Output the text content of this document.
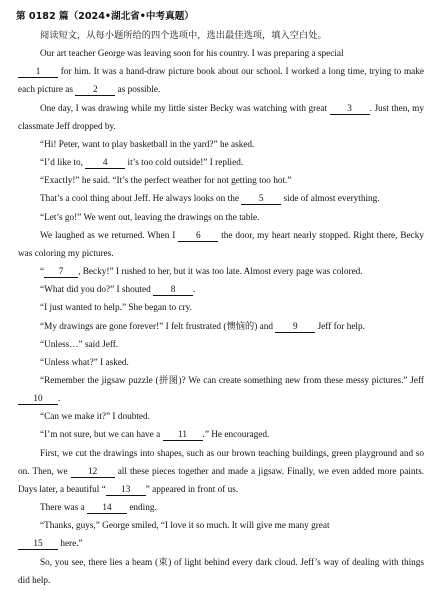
第 0182 篇（2024•湖北省•中考真题）

阅读短文，从每小题所给的四个选项中，选出最佳选项，填入空白处。

Our art teacher George was leaving soon for his country. I was preparing a special
1 for him. It was a hand-draw picture book about our school. I worked a long time, trying to make each picture as 2 as possible.

One day, I was drawing while my little sister Becky was watching with great 3 . Just then, my classmate Jeff dropped by.

“Hi! Peter, want to play basketball in the yard?” he asked.

“I’d like to, 4 it’s too cold outside!” I replied.

“Exactly!” he said. “It’s the perfect weather for not getting too hot.”

That’s a cool thing about Jeff. He always looks on the 5 side of almost everything.

“Let’s go!” We went out, leaving the drawings on the table.

We laughed as we returned. When I 6 the door, my heart nearly stopped. Right there, Becky was coloring my pictures.

“ 7 , Becky!” I rushed to her, but it was too late. Almost every page was colored.

“What did you do?” I shouted 8 .

“I just wanted to help.” She began to cry.

“My drawings are gone forever!” I felt frustrated (懊恼的) and 9 Jeff for help.

“Unless…” said Jeff.

“Unless what?” I asked.

“Remember the jigsaw puzzle (拼图)? We can create something new from these messy pictures.” Jeff 10 .

“Can we make it?” I doubted.

“I’m not sure, but we can have a 11 .” He encouraged.

First, we cut the drawings into shapes, such as our brown teaching buildings, green playground and so on. Then, we 12 all these pieces together and made a jigsaw. Finally, we even added more paints. Days later, a beautiful “ 13 ” appeared in front of us.

There was a 14 ending.

“Thanks, guys,” George smiled, “I love it so much. It will give me many great
15 here.”

So, you see, there lies a beam (束) of light behind every dark cloud. Jeff’s way of dealing with things did help.
